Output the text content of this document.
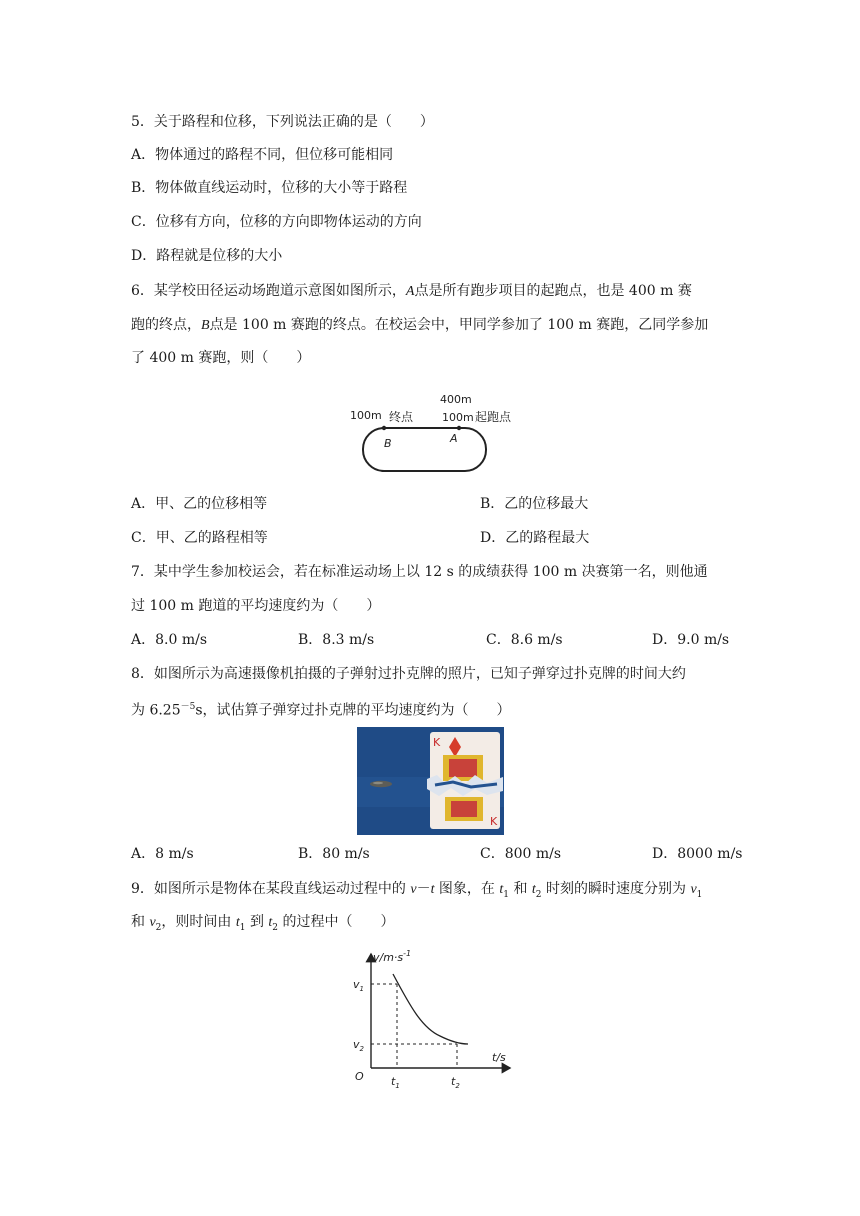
5．关于路程和位移，下列说法正确的是（　　）
A．物体通过的路程不同，但位移可能相同
B．物体做直线运动时，位移的大小等于路程
C．位移有方向，位移的方向即物体运动的方向
D．路程就是位移的大小
6．某学校田径运动场跑道示意图如图所示，A点是所有跑步项目的起跑点，也是 400 m 赛
跑的终点，B点是 100 m 赛跑的终点。在校运会中，甲同学参加了 100 m 赛跑，乙同学参加
了 400 m 赛跑，则（　　）
100m 终点
400m
100m 起跑点
B	A
A．甲、乙的位移相等	B．乙的位移最大
C．甲、乙的路程相等	D．乙的路程最大
7．某中学生参加校运会，若在标准运动场上以 12 s 的成绩获得 100 m 决赛第一名，则他通
过 100 m 跑道的平均速度约为（　　）
A．8.0 m/s	B．8.3 m/s	C．8.6 m/s	D．9.0 m/s
8．如图所示为高速摄像机拍摄的子弹射过扑克牌的照片，已知子弹穿过扑克牌的时间大约
为 $6.25^{-5}s$，试估算子弹穿过扑克牌的平均速度约为（　　）
K
K
A．8 m/s	B．80 m/s	C．800 m/s	D．8000 m/s
9．如图所示是物体在某段直线运动过程中的 v－t 图象，在 $t_1$ 和 $t_2$ 时刻的瞬时速度分别为 $v_1$
和 $v_2$，则时间由 $t_1$ 到 $t_2$ 的过程中（　　）
$v/m\cdot s^{-1}$
t/s
O
$v_1$
$v_2$
$t_1$	$t_2$
